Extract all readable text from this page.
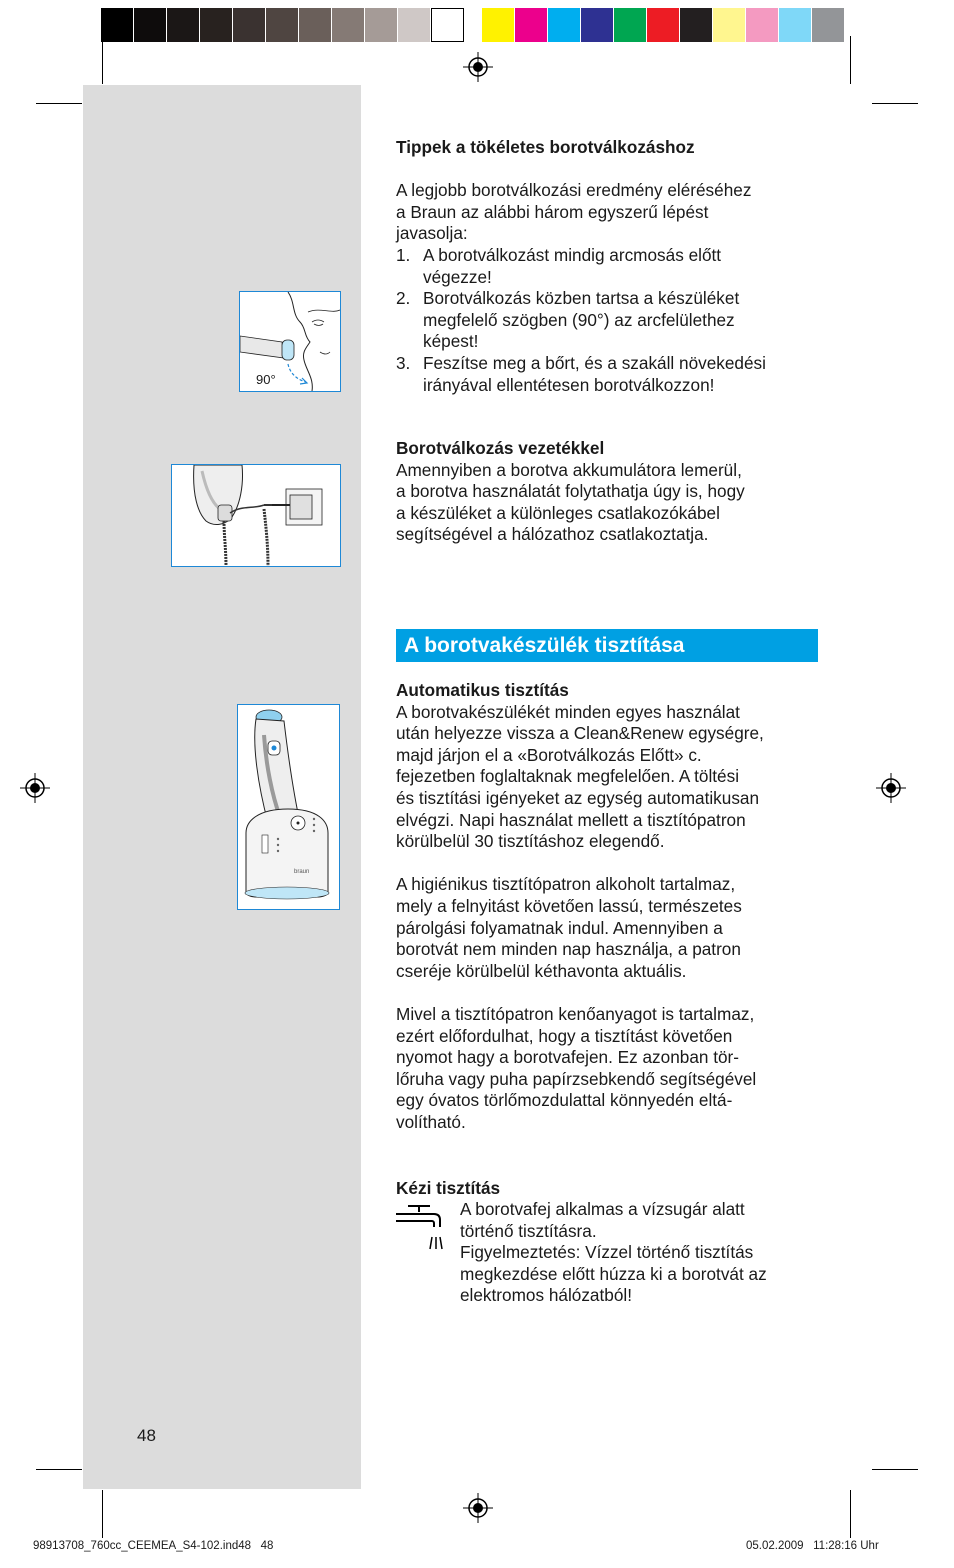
90°
braun
Tippek a tökéletes borotválkozáshoz
A legjobb borotválkozási eredmény eléréséhez
a Braun az alábbi három egyszerű lépést
javasolja:
1. A borotválkozást mindig arcmosás előtt
végezze!
2. Borotválkozás közben tartsa a készüléket
megfelelő szögben (90°) az arcfelülethez
képest!
3. Feszítse meg a bőrt, és a szakáll növekedési
irányával ellentétesen borotválkozzon!
Borotválkozás vezetékkel
Amennyiben a borotva akkumulátora lemerül,
a borotva használatát folytathatja úgy is, hogy
a készüléket a különleges csatlakozókábel
segítségével a hálózathoz csatlakoztatja.
A borotvakészülék tisztítása
Automatikus tisztítás
A borotvakészülékét minden egyes használat
után helyezze vissza a Clean&Renew egységre,
majd járjon el a «Borotválkozás Előtt» c.
fejezetben foglaltaknak megfelelően. A töltési
és tisztítási igényeket az egység automatikusan
elvégzi. Napi használat mellett a tisztítópatron
körülbelül 30 tisztításhoz elegendő.
A higiénikus tisztítópatron alkoholt tartalmaz,
mely a felnyitást követően lassú, természetes
párolgási folyamatnak indul. Amennyiben a
borotvát nem minden nap használja, a patron
cseréje körülbelül kéthavonta aktuális.
Mivel a tisztítópatron kenőanyagot is tartalmaz,
ezért előfordulhat, hogy a tisztítást követően
nyomot hagy a borotvafejen. Ez azonban tör-
lőruha vagy puha papírzsebkendő segítségével
egy óvatos törlőmozdulattal könnyedén eltá-
volítható.
Kézi tisztítás
A borotvafej alkalmas a vízsugár alatt
történő tisztításra.
Figyelmeztetés: Vízzel történő tisztítás
megkezdése előtt húzza ki a borotvát az
elektromos hálózatból!
48
98913708_760cc_CEEMEA_S4-102.ind48   48	05.02.2009   11:28:16 Uhr
